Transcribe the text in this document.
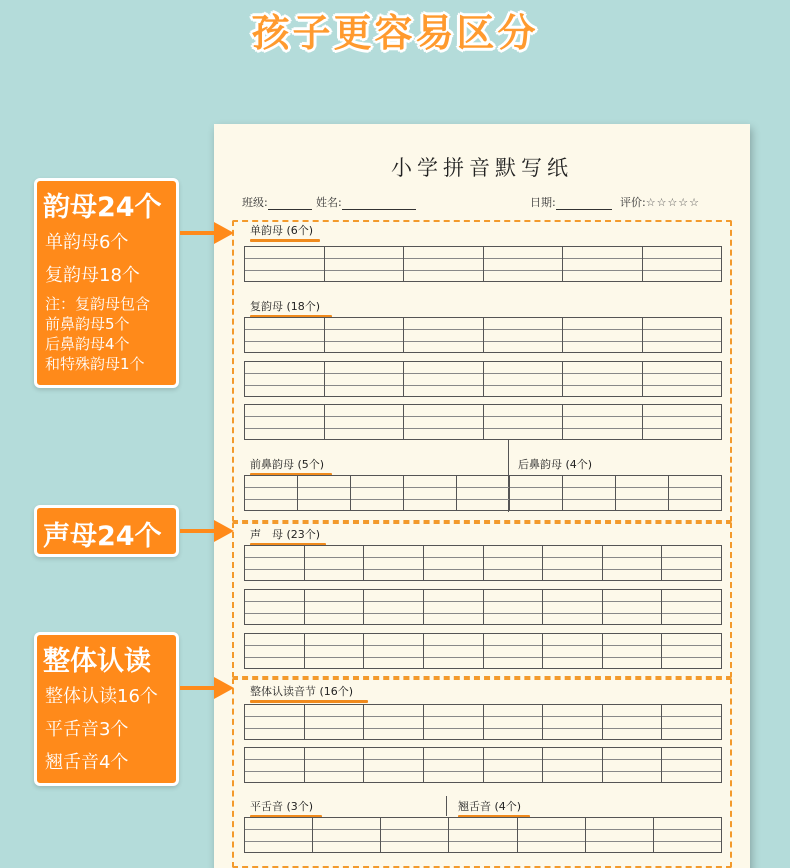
孩子更容易区分
小学拼音默写纸
班级:	姓名:	日期:	评价:☆☆☆☆☆
单韵母 (6个)
复韵母 (18个)
前鼻韵母 (5个)	后鼻韵母 (4个)
声　母 (23个)
整体认读音节 (16个)
平舌音 (3个)	翘舌音 (4个)
韵母24个
单韵母6个
复韵母18个
注：复韵母包含
前鼻韵母5个
后鼻韵母4个
和特殊韵母1个
声母24个
整体认读
整体认读16个
平舌音3个
翘舌音4个
